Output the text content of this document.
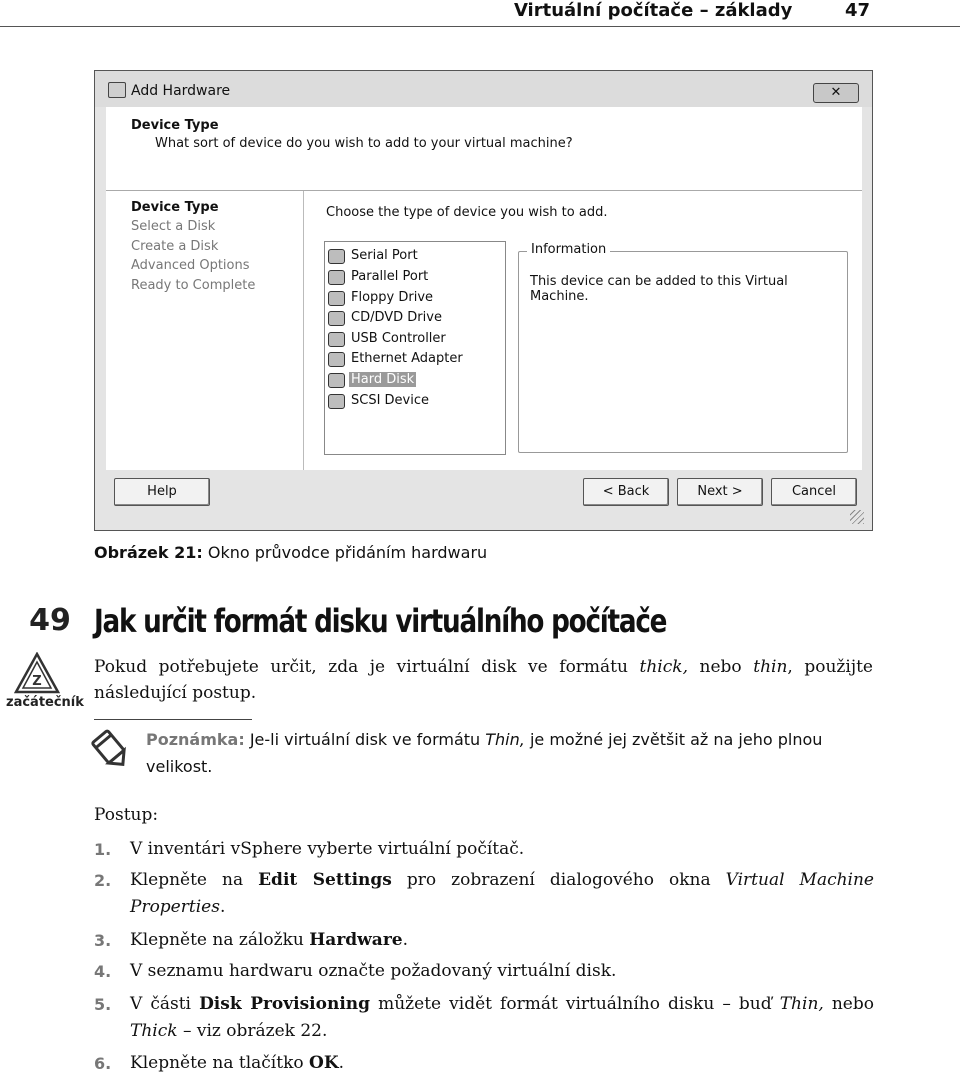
Virtuální počítače – základy	47
Add Hardware	✕
Device Type
What sort of device do you wish to add to your virtual machine?
Device Type
Select a Disk
Create a Disk
Advanced Options
Ready to Complete
Choose the type of device you wish to add.
Serial Port
Parallel Port
Floppy Drive
CD/DVD Drive
USB Controller
Ethernet Adapter
Hard Disk
SCSI Device
Information
This device can be added to this Virtual Machine.
Help	< Back	Next >	Cancel
Obrázek 21: Okno průvodce přidáním hardwaru
49
Z
začátečník
Jak určit formát disku virtuálního počítače
Pokud potřebujete určit, zda je virtuální disk ve formátu thick, nebo thin, použijte následující postup.
Poznámka: Je-li virtuální disk ve formátu Thin, je možné jej zvětšit až na jeho plnou velikost.
Postup:
1. V inventári vSphere vyberte virtuální počítač.
2. Klepněte na Edit Settings pro zobrazení dialogového okna Virtual Machine Properties.
3. Klepněte na záložku Hardware.
4. V seznamu hardwaru označte požadovaný virtuální disk.
5. V části Disk Provisioning můžete vidět formát virtuálního disku – buď Thin, nebo Thick – viz obrázek 22.
6. Klepněte na tlačítko OK.
